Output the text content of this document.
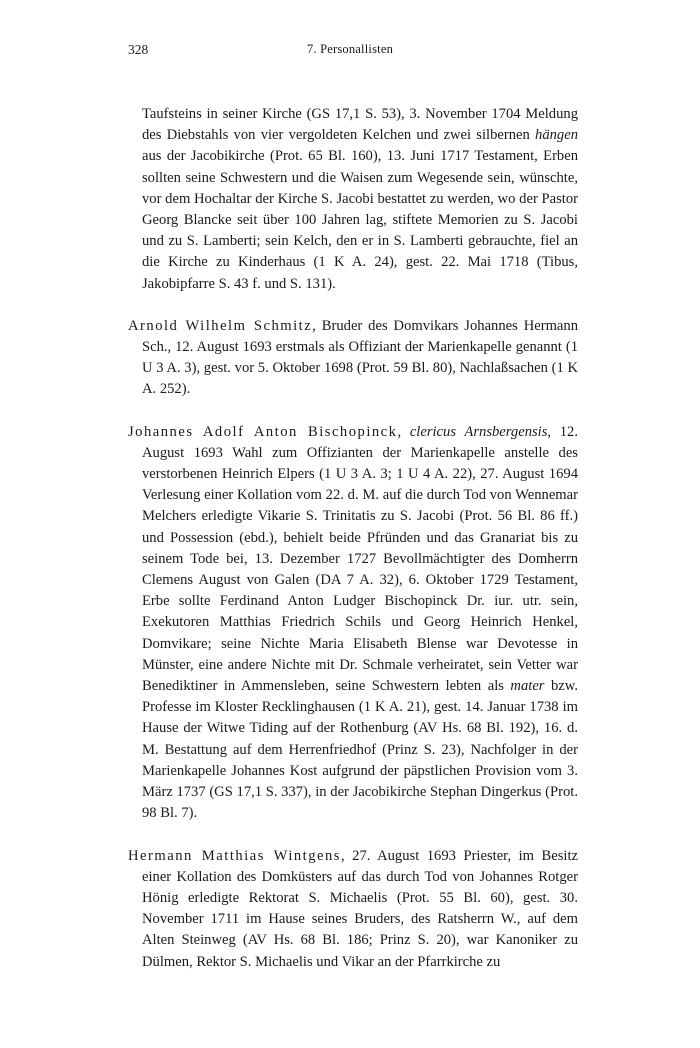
328	7. Personallisten

Taufsteins in seiner Kirche (GS 17,1 S. 53), 3. November 1704 Meldung des Diebstahls von vier vergoldeten Kelchen und zwei silbernen hängen aus der Jacobikirche (Prot. 65 Bl. 160), 13. Juni 1717 Testament, Erben sollten seine Schwestern und die Waisen zum Wegesende sein, wünschte, vor dem Hochaltar der Kirche S. Jacobi bestattet zu werden, wo der Pastor Georg Blancke seit über 100 Jahren lag, stiftete Memorien zu S. Jacobi und zu S. Lamberti; sein Kelch, den er in S. Lamberti gebrauchte, fiel an die Kirche zu Kinderhaus (1 K A. 24), gest. 22. Mai 1718 (Tibus, Jakobipfarre S. 43 f. und S. 131).

Arnold Wilhelm Schmitz, Bruder des Domvikars Johannes Hermann Sch., 12. August 1693 erstmals als Offiziant der Marienkapelle genannt (1 U 3 A. 3), gest. vor 5. Oktober 1698 (Prot. 59 Bl. 80), Nachlaßsachen (1 K A. 252).

Johannes Adolf Anton Bischopinck, clericus Arnsbergensis, 12. August 1693 Wahl zum Offizianten der Marienkapelle anstelle des verstorbenen Heinrich Elpers (1 U 3 A. 3; 1 U 4 A. 22), 27. August 1694 Verlesung einer Kollation vom 22. d. M. auf die durch Tod von Wennemar Melchers erledigte Vikarie S. Trinitatis zu S. Jacobi (Prot. 56 Bl. 86 ff.) und Possession (ebd.), behielt beide Pfründen und das Granariat bis zu seinem Tode bei, 13. Dezember 1727 Bevollmächtigter des Domherrn Clemens August von Galen (DA 7 A. 32), 6. Oktober 1729 Testament, Erbe sollte Ferdinand Anton Ludger Bischopinck Dr. iur. utr. sein, Exekutoren Matthias Friedrich Schils und Georg Heinrich Henkel, Domvikare; seine Nichte Maria Elisabeth Blense war Devotesse in Münster, eine andere Nichte mit Dr. Schmale verheiratet, sein Vetter war Benediktiner in Ammensleben, seine Schwestern lebten als mater bzw. Professe im Kloster Recklinghausen (1 K A. 21), gest. 14. Januar 1738 im Hause der Witwe Tiding auf der Rothenburg (AV Hs. 68 Bl. 192), 16. d. M. Bestattung auf dem Herrenfriedhof (Prinz S. 23), Nachfolger in der Marienkapelle Johannes Kost aufgrund der päpstlichen Provision vom 3. März 1737 (GS 17,1 S. 337), in der Jacobikirche Stephan Dingerkus (Prot. 98 Bl. 7).

Hermann Matthias Wintgens, 27. August 1693 Priester, im Besitz einer Kollation des Domküsters auf das durch Tod von Johannes Rotger Hönig erledigte Rektorat S. Michaelis (Prot. 55 Bl. 60), gest. 30. November 1711 im Hause seines Bruders, des Ratsherrn W., auf dem Alten Steinweg (AV Hs. 68 Bl. 186; Prinz S. 20), war Kanoniker zu Dülmen, Rektor S. Michaelis und Vikar an der Pfarrkirche zu
